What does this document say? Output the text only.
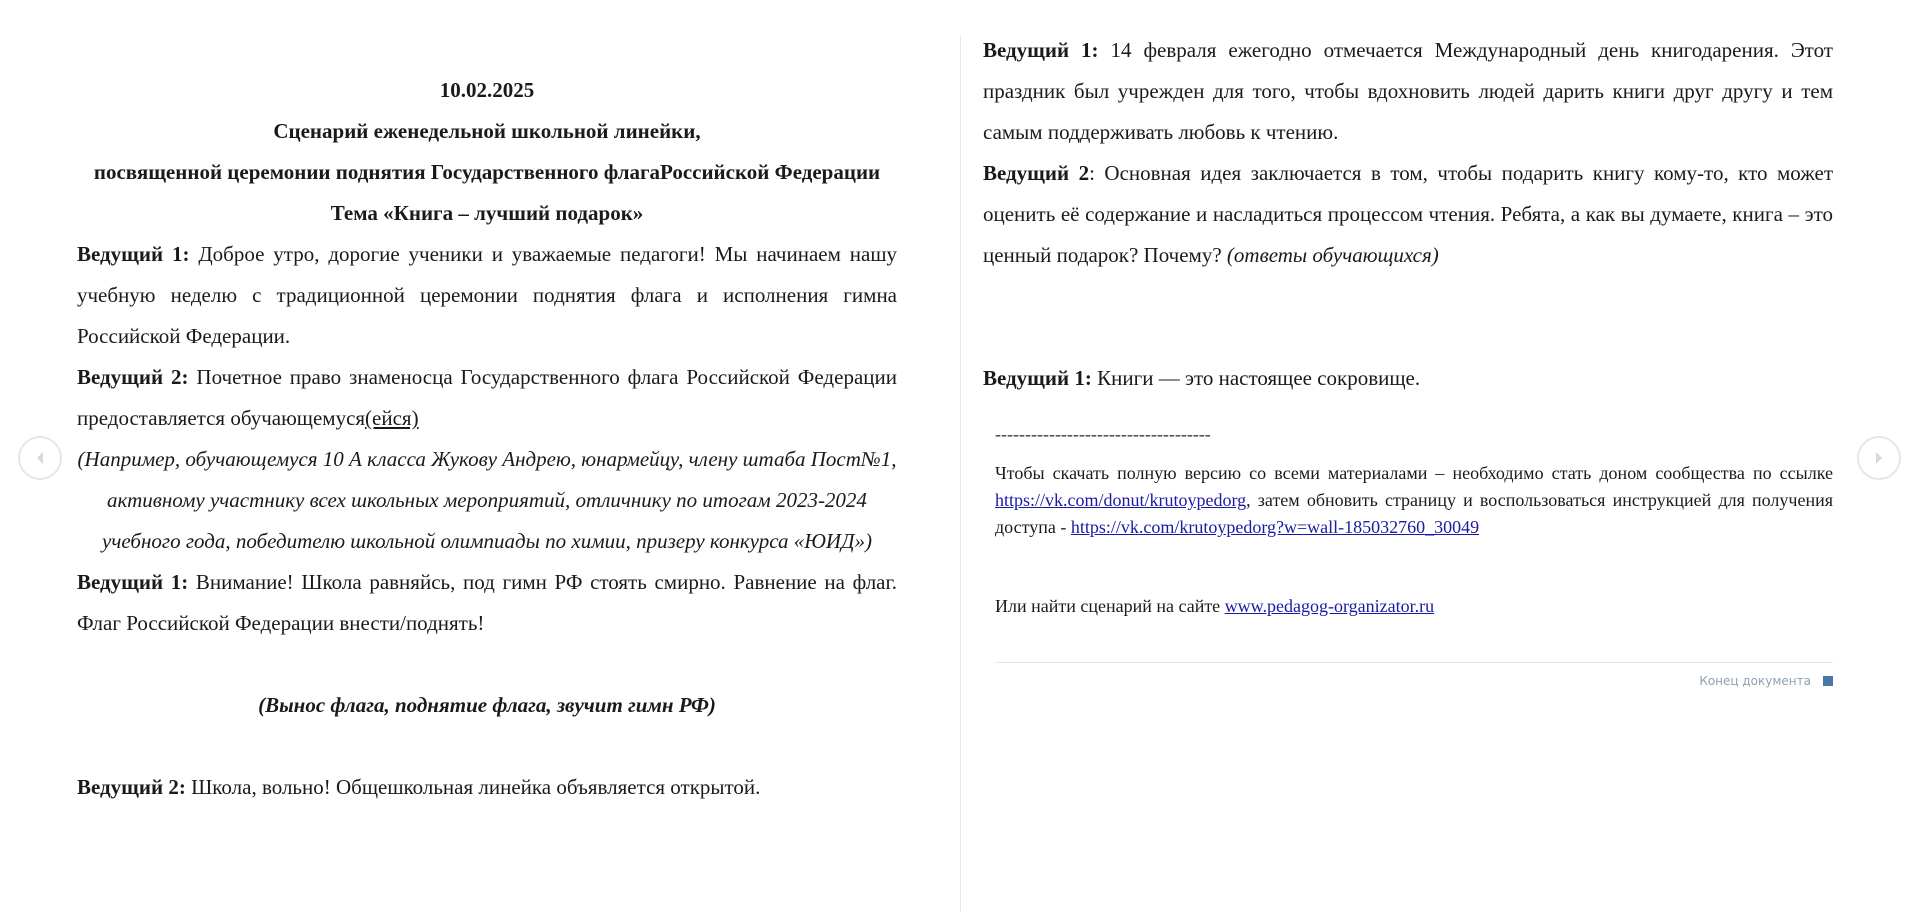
10.02.2025

Сценарий еженедельной школьной линейки,

посвященной церемонии поднятия Государственного флагаРоссийской Федерации

Тема «Книга – лучший подарок»

Ведущий 1: Доброе утро, дорогие ученики и уважаемые педагоги! Мы начинаем нашу учебную неделю с традиционной церемонии поднятия флага и исполнения гимна Российской Федерации.

Ведущий 2: Почетное право знаменосца Государственного флага Российской Федерации предоставляется обучающемуся(ейся)

(Например, обучающемуся 10 А класса Жукову Андрею, юнармейцу, члену штаба Пост№1, активному участнику всех школьных мероприятий, отличнику по итогам 2023-2024 учебного года, победителю школьной олимпиады по химии, призеру конкурса «ЮИД»)

Ведущий 1: Внимание! Школа равняйсь, под гимн РФ стоять смирно. Равнение на флаг. Флаг Российской Федерации внести/поднять!

(Вынос флага, поднятие флага, звучит гимн РФ)

Ведущий 2: Школа, вольно! Общешкольная линейка объявляется открытой.

Ведущий 1: 14 февраля ежегодно отмечается Международный день книгодарения. Этот праздник был учрежден для того, чтобы вдохновить людей дарить книги друг другу и тем самым поддерживать любовь к чтению.

Ведущий 2: Основная идея заключается в том, чтобы подарить книгу кому-то, кто может оценить её содержание и насладиться процессом чтения. Ребята, а как вы думаете, книга – это ценный подарок? Почему? (ответы обучающихся)

Ведущий 1: Книги — это настоящее сокровище.

------------------------------------

Чтобы скачать полную версию со всеми материалами – необходимо стать доном сообщества по ссылке https://vk.com/donut/krutoypedorg, затем обновить страницу и воспользоваться инструкцией для получения доступа - https://vk.com/krutoypedorg?w=wall-185032760_30049

Или найти сценарий на сайте www.pedagog-organizator.ru

Конец документа
